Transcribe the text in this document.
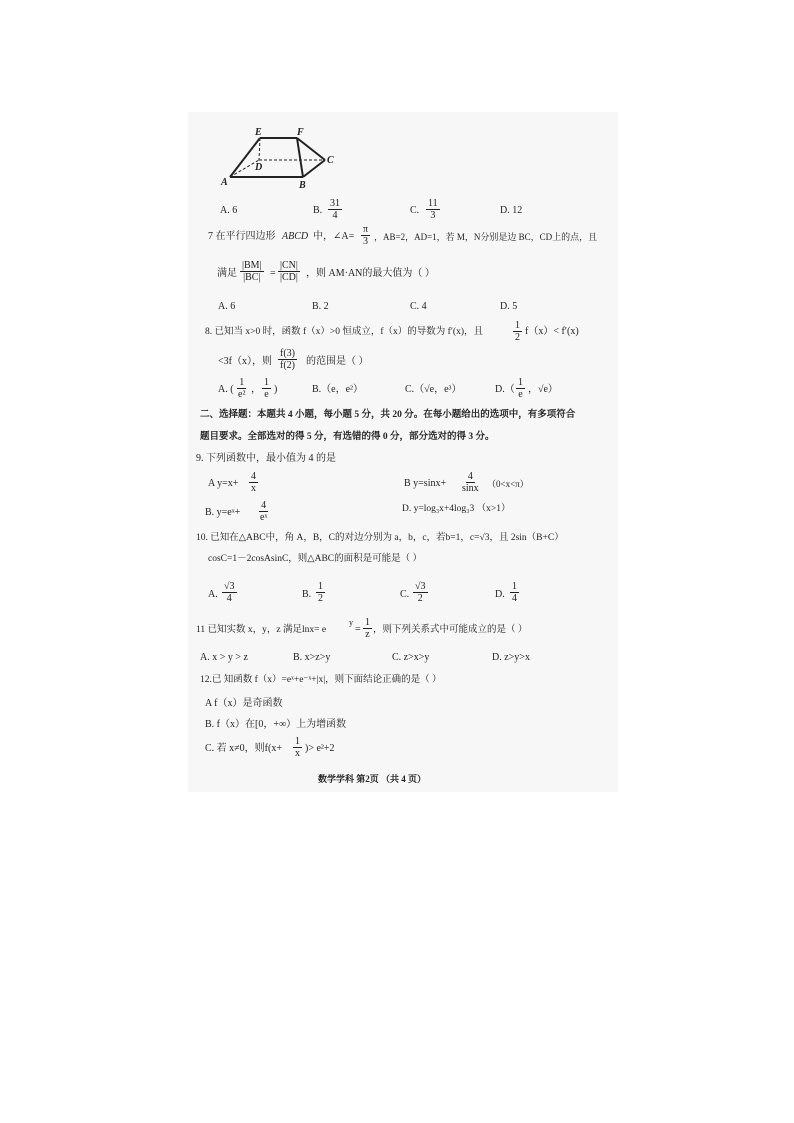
E	F
D
A	B
C
A. 6	B. $\frac{31}{4}$	C. $\frac{11}{3}$	D. 12
7 在平行四边形 ABCD 中，∠A= $\frac{\pi}{3}$ ，AB=2，AD=1，若 M，N分别是边 BC，CD上的点，且
满足 $\frac{|BM|}{|BC|} = \frac{|CN|}{|CD|}$ ，则 AM·AN的最大值为（ ）
A. 6	B. 2	C. 4	D. 5
8. 已知当 x>0 时，函数 f（x）>0 恒成立，f（x）的导数为 f′(x)，且	$\frac{1}{2} f(x)< f'(x)$
<3f（x），则 $\frac{f(3)}{f(2)}$ 的范围是（ ）
A. ( $\frac{1}{\text{e²}}$ ， $\frac{1}{e}$ )	B.（e，e²）	C.（√e，e³）	$D.( \frac{1}{e}$ ，√e）
二、选择题：本题共 4 小题，每小题 5 分，共 20 分。在每小题给出的选项中，有多项符合
题目要求。全部选对的得 5 分，有选错的得 0 分，部分选对的得 3 分。
9. 下列函数中，最小值为 4 的是
A $y=x+ \frac{4}{x}$	B $y=\sin x+ \frac{4}{\sin x} (0<x<\pi)$
B. y=eˣ+ $\frac{4}{\text{eˣ}}$	D. y=log₃x+4log₃3 （x>1）
10. 已知在△ABC中，角 A，B，C的对边分别为 a，b，c，若b=1，c=√3，且 2sin（B+C）
cosC=1－2cosAsinC，则△ABC的面积是可能是（ ）
A. $\frac{√3}{4}$	B. $\frac{1}{2}$	C. $\frac{√3}{2}$	D. $\frac{1}{4}$
11 已知实数 x，y，z 满足lnx= e
y
= $\frac{1}{z}$ ，则下列关系式中可能成立的是（ ）
A. x > y > z	B. x>z>y	C. z>x>y	D. z>y>x
12.已 知函数 f（x）=eˣ+e⁻ˣ+|x|，则下面结论正确的是（ ）
A f（x）是奇函数
B. f（x）在[0，+∞）上为增函数
C. 若 x≠0，则$f(x+ \frac{1}{x}$ )> e²+2
数学学科 第2页 （共 4 页）
